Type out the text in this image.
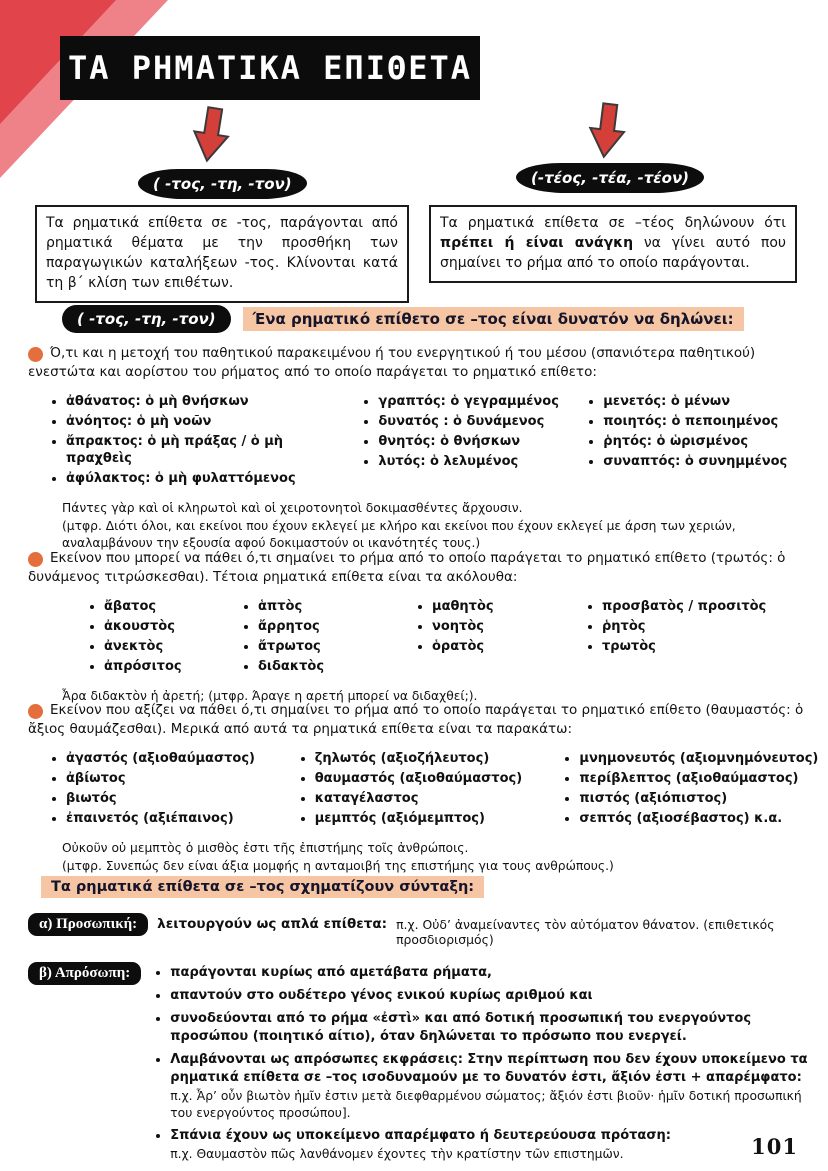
ΤΑ ΡΗΜΑΤΙΚΑ ΕΠΙΘΕΤΑ
( -τος, -τη, -τον)	(-τέος, -τέα, -τέον)
Τα ρηματικά επίθετα σε -τος, παράγονται από ρηματικά θέματα με την προσθήκη των παραγωγικών καταλήξεων -τος. Κλίνονται κατά τη β΄ κλίση των επιθέτων.
Τα ρηματικά επίθετα σε –τέος δηλώνουν ότι πρέπει ή είναι ανάγκη να γίνει αυτό που σημαίνει το ρήμα από το οποίο παράγονται.
( -τος, -τη, -τον)	Ένα ρηματικό επίθετο σε –τος είναι δυνατόν να δηλώνει:
Ό,τι και η μετοχή του παθητικού παρακειμένου ή του ενεργητικού ή του μέσου (σπανιότερα παθητικού) ενεστώτα και αορίστου του ρήματος από το οποίο παράγεται το ρηματικό επίθετο:
• ἀθάνατος: ὁ μὴ θνήσκων
• ἀνόητος: ὁ μὴ νοῶν
• ἄπρακτος: ὁ μὴ πράξας / ὁ μὴ πραχθεὶς
• ἀφύλακτος: ὁ μὴ φυλαττόμενος
• γραπτός: ὁ γεγραμμένος
• δυνατός : ὁ δυνάμενος
• θνητός: ὁ θνήσκων
• λυτός: ὁ λελυμένος
• μενετός: ὁ μένων
• ποιητός: ὁ πεποιημένος
• ῥητός: ὁ ὡρισμένος
• συναπτός: ὁ συνημμένος
Πάντες γὰρ καὶ οἱ κληρωτοὶ καὶ οἱ χειροτονητοὶ δοκιμασθέντες ἄρχουσιν.
(μτφρ. Διότι όλοι, και εκείνοι που έχουν εκλεγεί με κλήρο και εκείνοι που έχουν εκλεγεί με άρση των χεριών, αναλαμβάνουν την εξουσία αφού δοκιμαστούν οι ικανότητές τους.)
Εκείνον που μπορεί να πάθει ό,τι σημαίνει το ρήμα από το οποίο παράγεται το ρηματικό επίθετο (τρωτός: ὁ δυνάμενος τιτρώσκεσθαι). Τέτοια ρηματικά επίθετα είναι τα ακόλουθα:
• ἄβατος
• ἀκουστὸς
• ἀνεκτὸς
• ἀπρόσιτος
• ἁπτὸς
• ἄρρητος
• ἄτρωτος
• διδακτὸς
• μαθητὸς
• νοητὸς
• ὁρατὸς
• προσβατὸς / προσιτὸς
• ῥητὸς
• τρωτὸς
Ἆρα διδακτὸν ἡ ἀρετή; (μτφρ. Άραγε η αρετή μπορεί να διδαχθεί;).
Εκείνον που αξίζει να πάθει ό,τι σημαίνει το ρήμα από το οποίο παράγεται το ρηματικό επίθετο (θαυμαστός: ὁ ἄξιος θαυμάζεσθαι). Μερικά από αυτά τα ρηματικά επίθετα είναι τα παρακάτω:
• ἀγαστός (αξιοθαύμαστος)
• ἀβίωτος
• βιωτός
• ἐπαινετός (αξιέπαινος)
• ζηλωτός (αξιοζήλευτος)
• θαυμαστός (αξιοθαύμαστος)
• καταγέλαστος
• μεμπτός (αξιόμεμπτος)
• μνημονευτός (αξιομνημόνευτος)
• περίβλεπτος (αξιοθαύμαστος)
• πιστός (αξιόπιστος)
• σεπτός (αξιοσέβαστος) κ.α.
Οὐκοῦν οὐ μεμπτὸς ὁ μισθὸς ἐστι τῆς ἐπιστήμης τοῖς ἀνθρώποις.
(μτφρ. Συνεπώς δεν είναι άξια μομφής η ανταμοιβή της επιστήμης για τους ανθρώπους.)
Τα ρηματικά επίθετα σε –τος σχηματίζουν σύνταξη:
α) Προσωπική:	λειτουργούν ως απλά επίθετα: π.χ. Οὐδ’ ἀναμείναντες τὸν αὐτόματον θάνατον. (επιθετικός προσδιορισμός)
β) Απρόσωπη:	• παράγονται κυρίως από αμετάβατα ρήματα,
• απαντούν στο ουδέτερο γένος ενικού κυρίως αριθμού και
• συνοδεύονται από το ρήμα «ἐστὶ» και από δοτική προσωπική του ενεργούντος προσώπου (ποιητικό αίτιο), όταν δηλώνεται το πρόσωπο που ενεργεί.
• Λαμβάνονται ως απρόσωπες εκφράσεις: Στην περίπτωση που δεν έχουν υποκείμενο τα ρηματικά επίθετα σε –τος ισοδυναμούν με το δυνατόν ἐστι, ἄξιόν ἐστι + απαρέμφατο:
π.χ. Ἆρ’ οὖν βιωτὸν ἡμῖν ἐστιν μετὰ διεφθαρμένου σώματος; ἄξιόν ἐστι βιοῦν· ἡμῖν δοτική προσωπική του ενεργούντος προσώπου].
• Σπάνια έχουν ως υποκείμενο απαρέμφατο ή δευτερεύουσα πρόταση:
π.χ. Θαυμαστὸν πῶς λανθάνομεν έχοντες τὴν κρατίστην τῶν επιστημῶν.	101
